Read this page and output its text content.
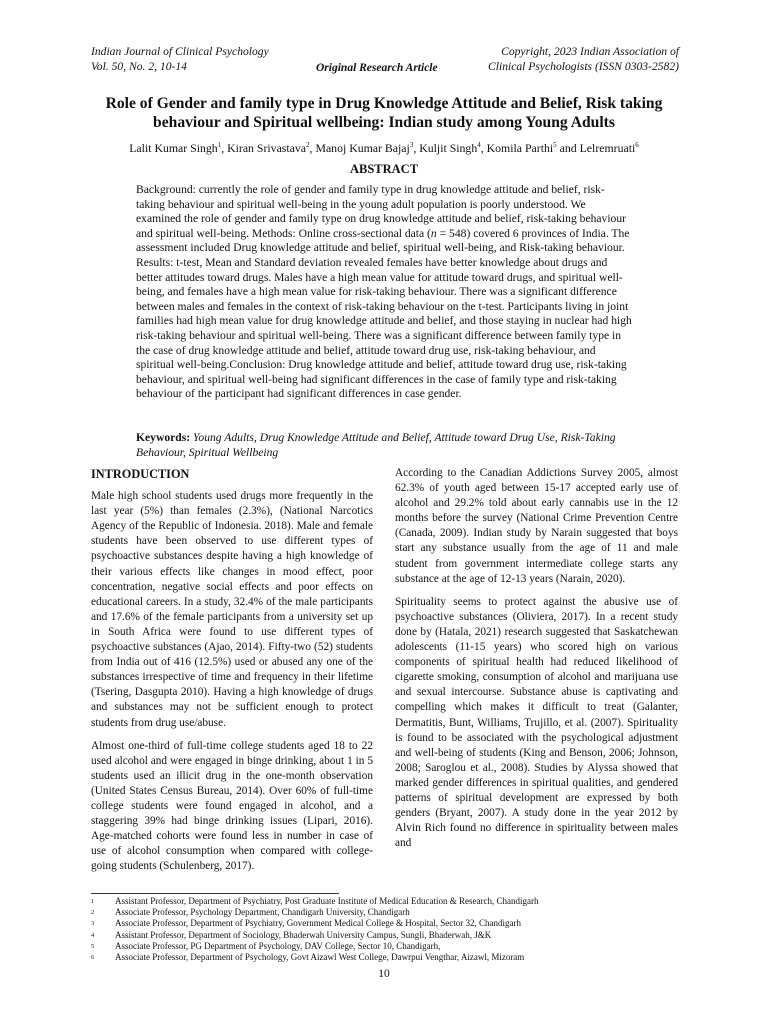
Indian Journal of Clinical Psychology
Vol. 50, No. 2, 10-14	Original Research Article
Copyright, 2023 Indian Association of
Clinical Psychologists (ISSN 0303-2582)
Role of Gender and family type in Drug Knowledge Attitude and Belief, Risk taking behaviour and Spiritual wellbeing: Indian study among Young Adults
Lalit Kumar Singh$^1$, Kiran Srivastava$^2$, Manoj Kumar Bajaj$^3$, Kuljit Singh$^4$, Komila Parthi$^5$ and Lelremruati$^6$
ABSTRACT
Background: currently the role of gender and family type in drug knowledge attitude and belief, risk-taking behaviour and spiritual well-being in the young adult population is poorly understood. We examined the role of gender and family type on drug knowledge attitude and belief, risk-taking behaviour and spiritual well-being. Methods: Online cross-sectional data (n = 548) covered 6 provinces of India. The assessment included Drug knowledge attitude and belief, spiritual well-being, and Risk-taking behaviour. Results: t-test, Mean and Standard deviation revealed females have better knowledge about drugs and better attitudes toward drugs. Males have a high mean value for attitude toward drugs, and spiritual well-being, and females have a high mean value for risk-taking behaviour. There was a significant difference between males and females in the context of risk-taking behaviour on the t-test. Participants living in joint families had high mean value for drug knowledge attitude and belief, and those staying in nuclear had high risk-taking behaviour and spiritual well-being. There was a significant difference between family type in the case of drug knowledge attitude and belief, attitude toward drug use, risk-taking behaviour, and spiritual well-being.Conclusion: Drug knowledge attitude and belief, attitude toward drug use, risk-taking behaviour, and spiritual well-being had significant differences in the case of family type and risk-taking behaviour of the participant had significant differences in case gender.
Keywords: Young Adults, Drug Knowledge Attitude and Belief, Attitude toward Drug Use, Risk-Taking Behaviour, Spiritual Wellbeing
INTRODUCTION

Male high school students used drugs more frequently in the last year (5%) than females (2.3%), (National Narcotics Agency of the Republic of Indonesia. 2018). Male and female students have been observed to use different types of psychoactive substances despite having a high knowledge of their various effects like changes in mood effect, poor concentration, negative social effects and poor effects on educational careers. In a study, 32.4% of the male participants and 17.6% of the female participants from a university set up in South Africa were found to use different types of psychoactive substances (Ajao, 2014). Fifty-two (52) students from India out of 416 (12.5%) used or abused any one of the substances irrespective of time and frequency in their lifetime (Tsering, Dasgupta 2010). Having a high knowledge of drugs and substances may not be sufficient enough to protect students from drug use/abuse.

Almost one-third of full-time college students aged 18 to 22 used alcohol and were engaged in binge drinking, about 1 in 5 students used an illicit drug in the one-month observation (United States Census Bureau, 2014). Over 60% of full-time college students were found engaged in alcohol, and a staggering 39% had binge drinking issues (Lipari, 2016). Age-matched cohorts were found less in number in case of use of alcohol consumption when compared with college-going students (Schulenberg, 2017).

According to the Canadian Addictions Survey 2005, almost 62.3% of youth aged between 15-17 accepted early use of alcohol and 29.2% told about early cannabis use in the 12 months before the survey (National Crime Prevention Centre (Canada, 2009). Indian study by Narain suggested that boys start any substance usually from the age of 11 and male student from government intermediate college starts any substance at the age of 12-13 years (Narain, 2020).

Spirituality seems to protect against the abusive use of psychoactive substances (Oliviera, 2017). In a recent study done by (Hatala, 2021) research suggested that Saskatchewan adolescents (11-15 years) who scored high on various components of spiritual health had reduced likelihood of cigarette smoking, consumption of alcohol and marijuana use and sexual intercourse. Substance abuse is captivating and compelling which makes it difficult to treat (Galanter, Dermatitis, Bunt, Williams, Trujillo, et al. (2007). Spirituality is found to be associated with the psychological adjustment and well-being of students (King and Benson, 2006; Johnson, 2008; Saroglou et al., 2008). Studies by Alyssa showed that marked gender differences in spiritual qualities, and gendered patterns of spiritual development are expressed by both genders (Bryant, 2007). A study done in the year 2012 by Alvin Rich found no difference in spirituality between males and

1	Assistant Professor, Department of Psychiatry, Post Graduate Institute of Medical Education & Research, Chandigarh
2	Associate Professor, Psychology Department, Chandigarh University, Chandigarh
3	Associate Professor, Department of Psychiatry, Government Medical College & Hospital, Sector 32, Chandigarh
4	Assistant Professor, Department of Sociology, Bhaderwah University Campus, Sungli, Bhaderwah, J&K
5	Associate Professor, PG Department of Psychology, DAV College, Sector 10, Chandigarh,
6	Associate Professor, Department of Psychology, Govt Aizawl West College, Dawrpui Vengthar, Aizawl, Mizoram
10
